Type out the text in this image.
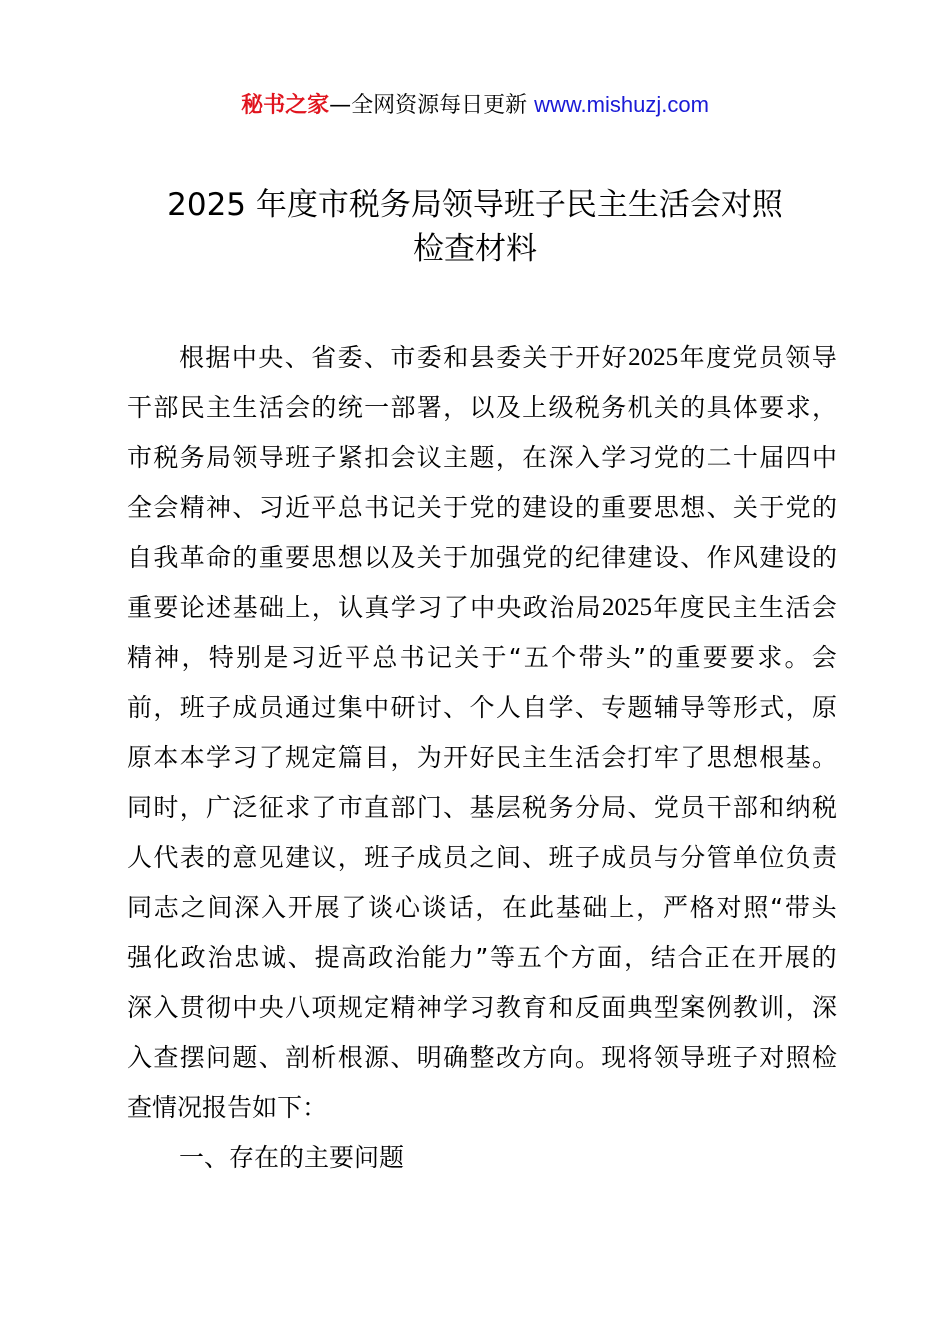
秘书之家—全网资源每日更新 www.mishuzj.com
2025 年度市税务局领导班子民主生活会对照
检查材料
根 据 中 央 、 省 委 、 市 委 和 县 委 关 于 开 好 2025 年 度 党 员 领 导
干 部 民 主 生 活 会 的 统 一 部 署 ， 以 及 上 级 税 务 机 关 的 具 体 要 求 ，
市 税 务 局 领 导 班 子 紧 扣 会 议 主 题 ， 在 深 入 学 习 党 的 二 十 届 四 中
全 会 精 神 、 习 近 平 总 书 记 关 于 党 的 建 设 的 重 要 思 想 、 关 于 党 的
自 我 革 命 的 重 要 思 想 以 及 关 于 加 强 党 的 纪 律 建 设 、 作 风 建 设 的
重 要 论 述 基 础 上 ， 认 真 学 习 了 中 央 政 治 局 2025 年 度 民 主 生 活 会
精 神 ， 特 别 是 习 近 平 总 书 记 关 于 “ 五 个 带 头 ” 的 重 要 要 求 。 会
前 ， 班 子 成 员 通 过 集 中 研 讨 、 个 人 自 学 、 专 题 辅 导 等 形 式 ， 原
原 本 本 学 习 了 规 定 篇 目 ， 为 开 好 民 主 生 活 会 打 牢 了 思 想 根 基 。
同 时 ， 广 泛 征 求 了 市 直 部 门 、 基 层 税 务 分 局 、 党 员 干 部 和 纳 税
人 代 表 的 意 见 建 议 ， 班 子 成 员 之 间 、 班 子 成 员 与 分 管 单 位 负 责
同 志 之 间 深 入 开 展 了 谈 心 谈 话 ， 在 此 基 础 上 ， 严 格 对 照 “ 带 头
强 化 政 治 忠 诚 、 提 高 政 治 能 力 ” 等 五 个 方 面 ， 结 合 正 在 开 展 的
深 入 贯 彻 中 央 八 项 规 定 精 神 学 习 教 育 和 反 面 典 型 案 例 教 训 ， 深
入 查 摆 问 题 、 剖 析 根 源 、 明 确 整 改 方 向 。 现 将 领 导 班 子 对 照 检
查 情 况 报 告 如 下 ：
一、存在的主要问题
